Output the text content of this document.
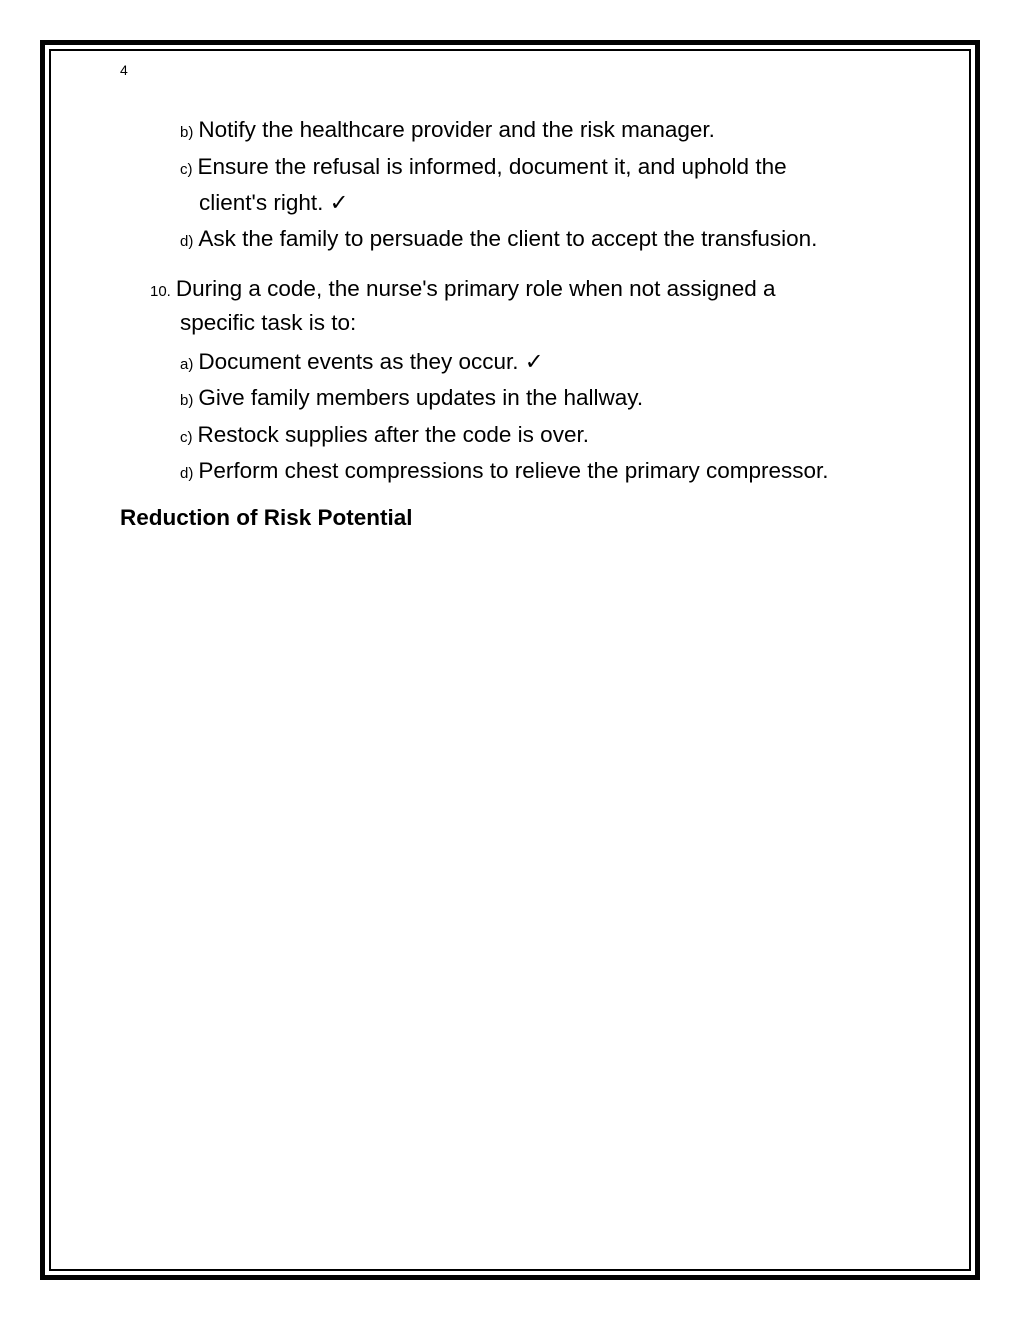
4
b) Notify the healthcare provider and the risk manager.
c) Ensure the refusal is informed, document it, and uphold the
client's right. ✓
d) Ask the family to persuade the client to accept the transfusion.
10. During a code, the nurse's primary role when not assigned a
specific task is to:
a) Document events as they occur. ✓
b) Give family members updates in the hallway.
c) Restock supplies after the code is over.
d) Perform chest compressions to relieve the primary compressor.
Reduction of Risk Potential
